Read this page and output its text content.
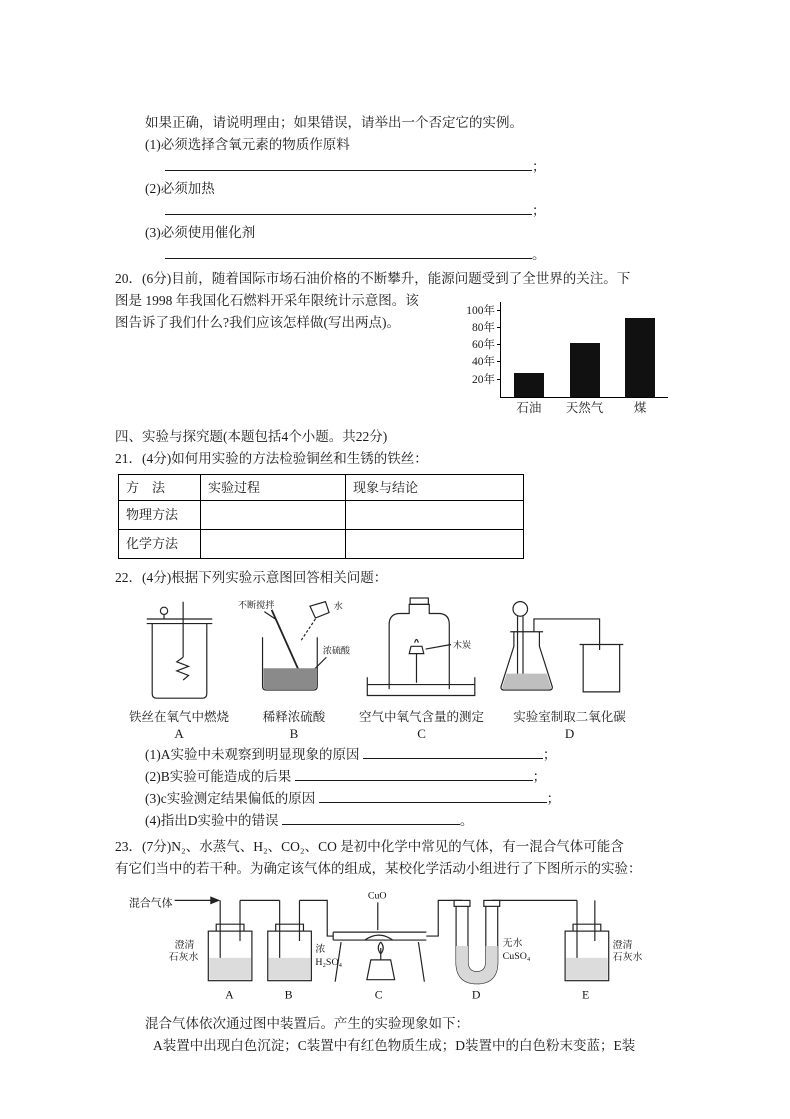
如果正确，请说明理由；如果错误，请举出一个否定它的实例。
(1)必须选择含氧元素的物质作原料
；
(2)必须加热
；
(3)必须使用催化剂
。
20．(6分)目前，随着国际市场石油价格的不断攀升，能源问题受到了全世界的关注。下
20年
40年
60年
80年
100年
石油 天然气 煤
图是 1998 年我国化石燃料开采年限统计示意图。该
图告诉了我们什么?我们应该怎样做(写出两点)。
四、实验与探究题(本题包括4个小题。共22分)
21．(4分)如何用实验的方法检验铜丝和生锈的铁丝：
方　法	实验过程	现象与结论
物理方法		
化学方法		
22．(4分)根据下列实验示意图回答相关问题：
铁丝在氧气中燃烧
A
不断搅拌	水
浓硫酸
稀释浓硫酸
B
木炭
空气中氧气含量的测定
C
实验室制取二氧化碳
D
(1)A实验中未观察到明显现象的原因	；
(2)B实验可能造成的后果	；
(3)c实验测定结果偏低的原因	；
(4)指出D实验中的错误	。
23．(7分)N₂、水蒸气、H₂、CO₂、CO 是初中化学中常见的气体，有一混合气体可能含
有它们当中的若干种。为确定该气体的组成，某校化学活动小组进行了下图所示的实验：
混合气体
澄清
石灰水
浓
H₂SO₄
CuO
无水
CuSO₄
澄清
石灰水
A	B	C	D	E
混合气体依次通过图中装置后。产生的实验现象如下：
A装置中出现白色沉淀；C装置中有红色物质生成；D装置中的白色粉末变蓝；E装
